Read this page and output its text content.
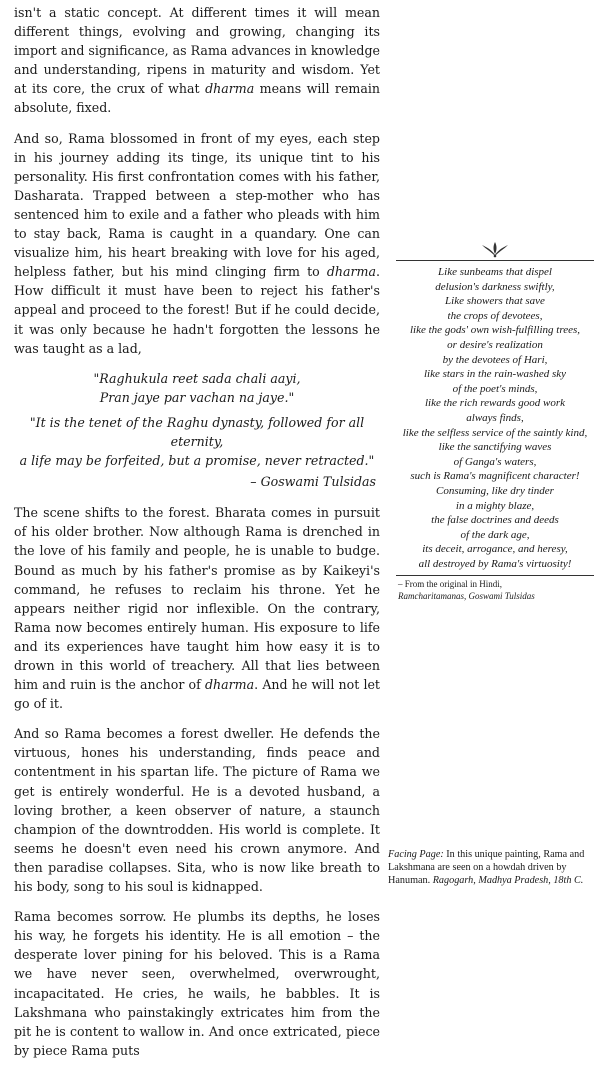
isn't a static concept. At different times it will mean different things, evolving and growing, changing its import and significance, as Rama advances in knowledge and understanding, ripens in maturity and wisdom. Yet at its core, the crux of what dharma means will remain absolute, fixed.

And so, Rama blossomed in front of my eyes, each step in his journey adding its tinge, its unique tint to his personality. His first confrontation comes with his father, Dasharata. Trapped between a step-mother who has sentenced him to exile and a father who pleads with him to stay back, Rama is caught in a quandary. One can visualize him, his heart breaking with love for his aged, helpless father, but his mind clinging firm to dharma. How difficult it must have been to reject his father's appeal and proceed to the forest! But if he could decide, it was only because he hadn't forgotten the lessons he was taught as a lad,

"Raghukula reet sada chali aayi,
Pran jaye par vachan na jaye."
"It is the tenet of the Raghu dynasty, followed for all eternity,
a life may be forfeited, but a promise, never retracted."
– Goswami Tulsidas

The scene shifts to the forest. Bharata comes in pursuit of his older brother. Now although Rama is drenched in the love of his family and people, he is unable to budge. Bound as much by his father's promise as by Kaikeyi's command, he refuses to reclaim his throne. Yet he appears neither rigid nor inflexible. On the contrary, Rama now becomes entirely human. His exposure to life and its experiences have taught him how easy it is to drown in this world of treachery. All that lies between him and ruin is the anchor of dharma. And he will not let go of it.

And so Rama becomes a forest dweller. He defends the virtuous, hones his understanding, finds peace and contentment in his spartan life. The picture of Rama we get is entirely wonderful. He is a devoted husband, a loving brother, a keen observer of nature, a staunch champion of the downtrodden. His world is complete. It seems he doesn't even need his crown anymore. And then paradise collapses. Sita, who is now like breath to his body, song to his soul is kidnapped.

Rama becomes sorrow. He plumbs its depths, he loses his way, he forgets his identity. He is all emotion – the desperate lover pining for his beloved. This is a Rama we have never seen, overwhelmed, overwrought, incapacitated. He cries, he wails, he babbles. It is Lakshmana who painstakingly extricates him from the pit he is content to wallow in. And once extricated, piece by piece Rama puts

Like sunbeams that dispel
delusion's darkness swiftly,
Like showers that save
the crops of devotees,
like the gods' own wish-fulfilling trees,
or desire's realization
by the devotees of Hari,
like stars in the rain-washed sky
of the poet's minds,
like the rich rewards good work
always finds,
like the selfless service of the saintly kind,
like the sanctifying waves
of Ganga's waters,
such is Rama's magnificent character!
Consuming, like dry tinder
in a mighty blaze,
the false doctrines and deeds
of the dark age,
its deceit, arrogance, and heresy,
all destroyed by Rama's virtuosity!

– From the original in Hindi,
Ramcharitamanas, Goswami Tulsidas

Facing Page: In this unique painting, Rama and Lakshmana are seen on a howdah driven by Hanuman. Ragogarh, Madhya Pradesh, 18th C.
